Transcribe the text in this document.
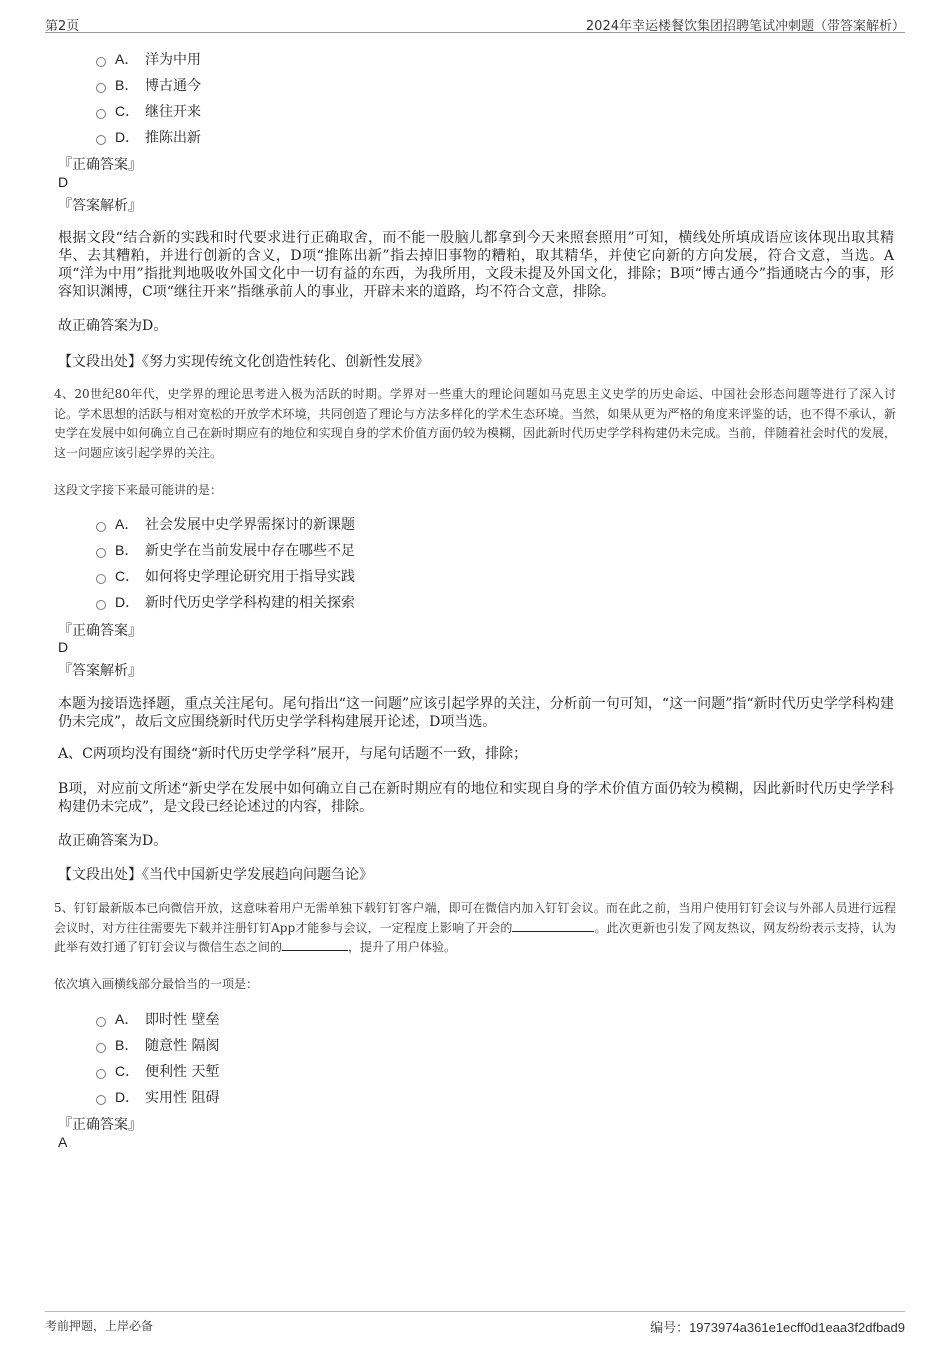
第2页	2024年幸运楼餐饮集团招聘笔试冲刺题（带答案解析）
A． 洋为中用
B． 博古通今
C． 继往开来
D． 推陈出新
『正确答案』
D
『答案解析』
根据文段“结合新的实践和时代要求进行正确取舍，而不能一股脑儿都拿到今天来照套照用”可知，横线处所填成语应该体现出取其精华、去其糟粕，并进行创新的含义，D项“推陈出新”指去掉旧事物的糟粕，取其精华，并使它向新的方向发展，符合文意，当选。A项“洋为中用”指批判地吸收外国文化中一切有益的东西，为我所用，文段未提及外国文化，排除；B项“博古通今”指通晓古今的事，形容知识渊博，C项“继往开来”指继承前人的事业，开辟未来的道路，均不符合文意，排除。
故正确答案为D。
【文段出处】《努力实现传统文化创造性转化、创新性发展》
4、20世纪80年代，史学界的理论思考进入极为活跃的时期。学界对一些重大的理论问题如马克思主义史学的历史命运、中国社会形态问题等进行了深入讨论。学术思想的活跃与相对宽松的开放学术环境，共同创造了理论与方法多样化的学术生态环境。当然，如果从更为严格的角度来评鉴的话，也不得不承认，新史学在发展中如何确立自己在新时期应有的地位和实现自身的学术价值方面仍较为模糊，因此新时代历史学学科构建仍未完成。当前，伴随着社会时代的发展，这一问题应该引起学界的关注。
这段文字接下来最可能讲的是：
A． 社会发展中史学界需探讨的新课题
B． 新史学在当前发展中存在哪些不足
C． 如何将史学理论研究用于指导实践
D． 新时代历史学学科构建的相关探索
『正确答案』
D
『答案解析』
本题为接语选择题，重点关注尾句。尾句指出“这一问题”应该引起学界的关注，分析前一句可知，“这一问题”指“新时代历史学学科构建仍未完成”，故后文应围绕新时代历史学学科构建展开论述，D项当选。
A、C两项均没有围绕“新时代历史学学科”展开，与尾句话题不一致，排除；
B项，对应前文所述“新史学在发展中如何确立自己在新时期应有的地位和实现自身的学术价值方面仍较为模糊，因此新时代历史学学科构建仍未完成”，是文段已经论述过的内容，排除。
故正确答案为D。
【文段出处】《当代中国新史学发展趋向问题刍论》
5、钉钉最新版本已向微信开放，这意味着用户无需单独下载钉钉客户端，即可在微信内加入钉钉会议。而在此之前，当用户使用钉钉会议与外部人员进行远程会议时，对方往往需要先下载并注册钉钉App才能参与会议，一定程度上影响了开会的	。此次更新也引发了网友热议，网友纷纷表示支持，认为此举有效打通了钉钉会议与微信生态之间的	，提升了用户体验。
依次填入画横线部分最恰当的一项是：
A． 即时性 壁垒
B． 随意性 隔阂
C． 便利性 天堑
D． 实用性 阻碍
『正确答案』
A
考前押题，上岸必备	编号：1973974a361e1ecff0d1eaa3f2dfbad9
